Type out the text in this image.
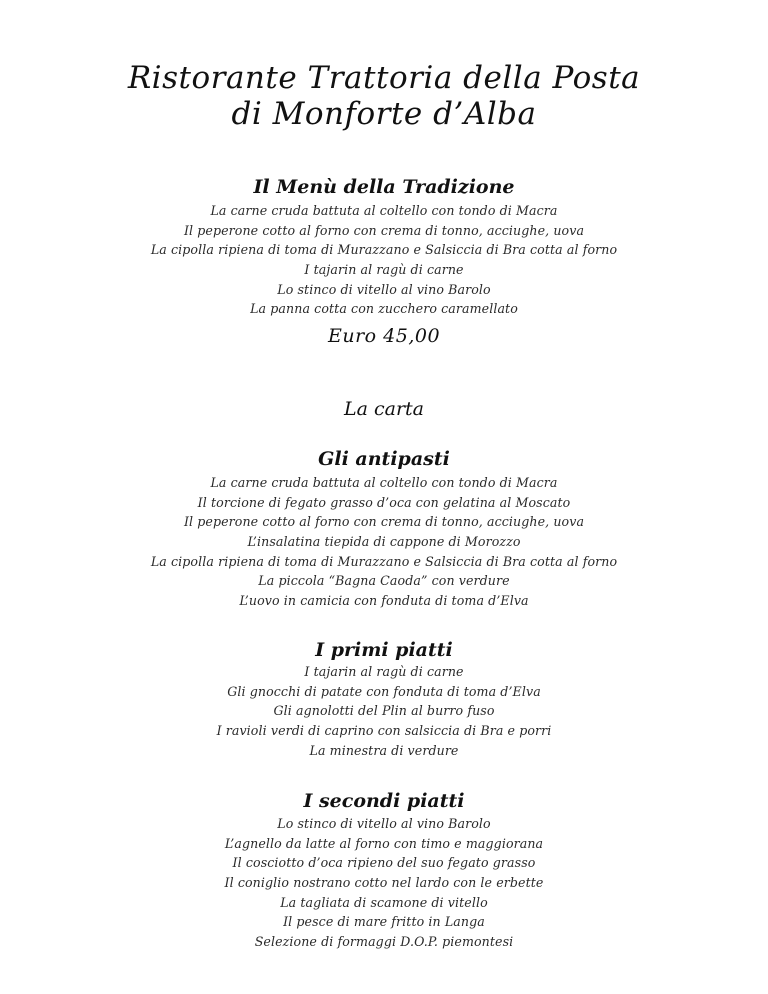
Ristorante Trattoria della Posta
di Monforte d’Alba
Il Menù della Tradizione
La carne cruda battuta al coltello con tondo di Macra
Il peperone cotto al forno con crema di tonno, acciughe, uova
La cipolla ripiena di toma di Murazzano e Salsiccia di Bra cotta al forno
I tajarin al ragù di carne
Lo stinco di vitello al vino Barolo
La panna cotta con zucchero caramellato
Euro 45,00
La carta
Gli antipasti
La carne cruda battuta al coltello con tondo di Macra
Il torcione di fegato grasso d’oca con gelatina al Moscato
Il peperone cotto al forno con crema di tonno, acciughe, uova
L’insalatina tiepida di cappone di Morozzo
La cipolla ripiena di toma di Murazzano e Salsiccia di Bra cotta al forno
La piccola “Bagna Caoda” con verdure
L’uovo in camicia con fonduta di toma d’Elva
I primi piatti
I tajarin al ragù di carne
Gli gnocchi di patate con fonduta di toma d’Elva
Gli agnolotti del Plin al burro fuso
I ravioli verdi di caprino con salsiccia di Bra e porri
La minestra di verdure
I secondi piatti
Lo stinco di vitello al vino Barolo
L’agnello da latte al forno con timo e maggiorana
Il cosciotto d’oca ripieno del suo fegato grasso
Il coniglio nostrano cotto nel lardo con le erbette
La tagliata di scamone di vitello
Il pesce di mare fritto in Langa
Selezione di formaggi D.O.P. piemontesi
